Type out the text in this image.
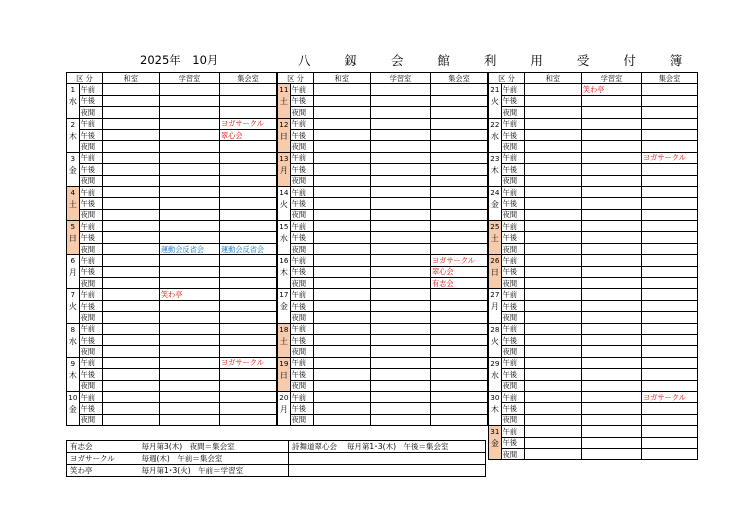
2025年　10月	八 釼 会 館 利 用 受 付 簿
区 分		和室	学習室	集会室

1
水	午前			
	午後			
	夜間			

2
木	午前			ヨガサークル
	午後			翠心会
	夜間			

3
金	午前			
	午後			
	夜間			

4
土	午前			
	午後			
	夜間			

5
日	午前			
	午後			
	夜間		運動会反省会	運動会反省会

6
月	午前			
	午後			
	夜間			

7
火	午前		笑わ亭	
	午後			
	夜間			

8
水	午前			
	午後			
	夜間			

9
木	午前			ヨガサークル
	午後			
	夜間			

10
金	午前			
	午後			
	夜間			
区 分		和室	学習室	集会室

11
土	午前			
	午後			
	夜間			

12
日	午前			
	午後			
	夜間			

13
月	午前			
	午後			
	夜間			

14
火	午前			
	午後			
	夜間			

15
水	午前			
	午後			
	夜間			

16
木	午前			ヨガサークル
	午後			翠心会
	夜間			有志会

17
金	午前			
	午後			
	夜間			

18
土	午前			
	午後			
	夜間			

19
日	午前			
	午後			
	夜間			

20
月	午前			
	午後			
	夜間			
区 分		和室	学習室	集会室

21
火	午前		笑わ亭	
	午後			
	夜間			

22
水	午前			
	午後			
	夜間			

23
木	午前			ヨガサークル
	午後			
	夜間			

24
金	午前			
	午後			
	夜間			

25
土	午前			
	午後			
	夜間			

26
日	午前			
	午後			
	夜間			

27
月	午前			
	午後			
	夜間			

28
火	午前			
	午後			
	夜間			

29
水	午前			
	午後			
	夜間			

30
木	午前			ヨガサークル
	午後			
	夜間			

31
金	午前			
	午後			
	夜間			
有志会	毎月第3(木)　夜間＝集会室	詩舞道翠心会　 毎月第1･3(木)　午後＝集会室
ヨガサークル	毎週(木)　午前＝集会室	
笑わ亭	毎月第1･3(火)　午前＝学習室	
